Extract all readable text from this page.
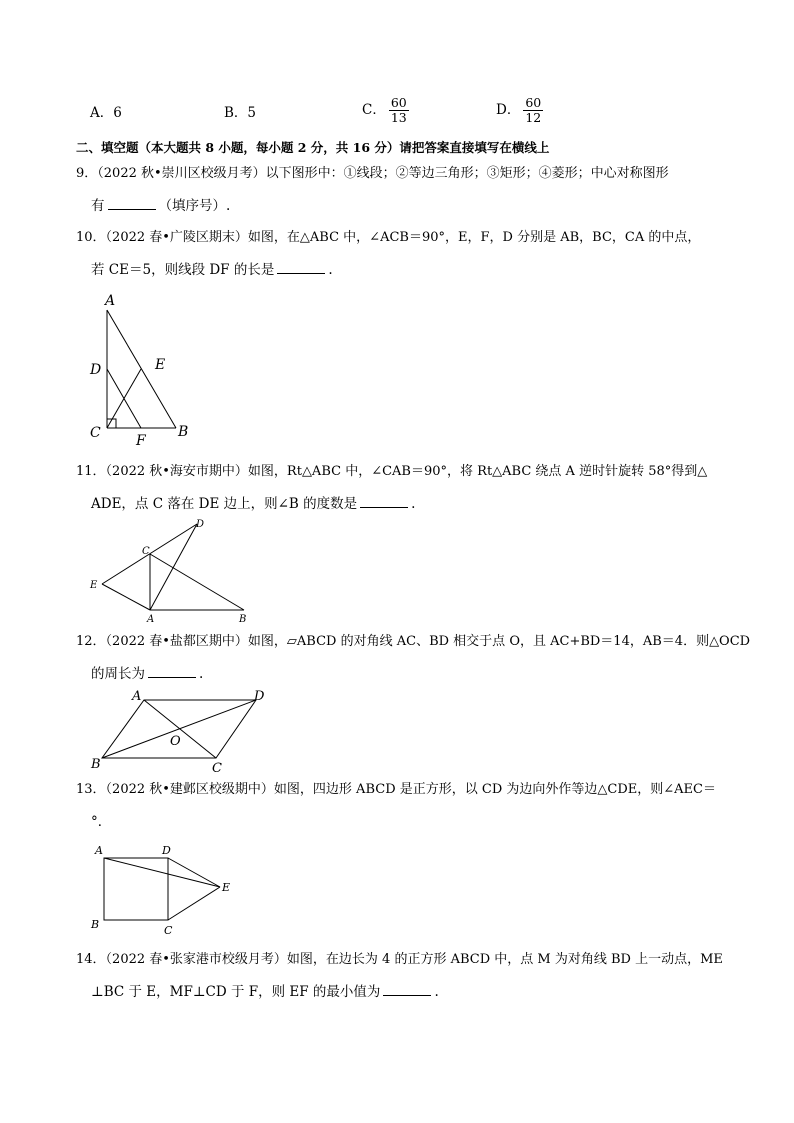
A．6	B．5	C． $\frac{60}{13}$	D． $\frac{60}{12}$
二、填空题（本大题共 8 小题，每小题 2 分，共 16 分）请把答案直接填写在横线上
9．（2022 秋•崇川区校级月考）以下图形中：①线段；②等边三角形；③矩形；④菱形；中心对称图形
有	（填序号）.
10．（2022 春•广陵区期末）如图，在△ABC 中，∠ACB＝90°，E，F，D 分别是 AB，BC，CA 的中点，
若 CE＝5，则线段 DF 的长是	.
A
D	E
C	F
B
11．（2022 秋•海安市期中）如图，Rt△ABC 中，∠CAB＝90°，将 Rt△ABC 绕点 A 逆时针旋转 58°得到△
ADE，点 C 落在 DE 边上，则∠B 的度数是	.
C
D
E
A	B
12．（2022 春•盐都区期中）如图，▱ABCD 的对角线 AC、BD 相交于点 O，且 AC+BD＝14，AB＝4．则△OCD
的周长为	.
A	D
O
B	C
13．（2022 秋•建邺区校级期中）如图，四边形 ABCD 是正方形，以 CD 为边向外作等边△CDE，则∠AEC＝
°．
A	D
E
B	C
14．（2022 春•张家港市校级月考）如图，在边长为 4 的正方形 ABCD 中，点 M 为对角线 BD 上一动点，ME
⊥BC 于 E，MF⊥CD 于 F，则 EF 的最小值为	.
